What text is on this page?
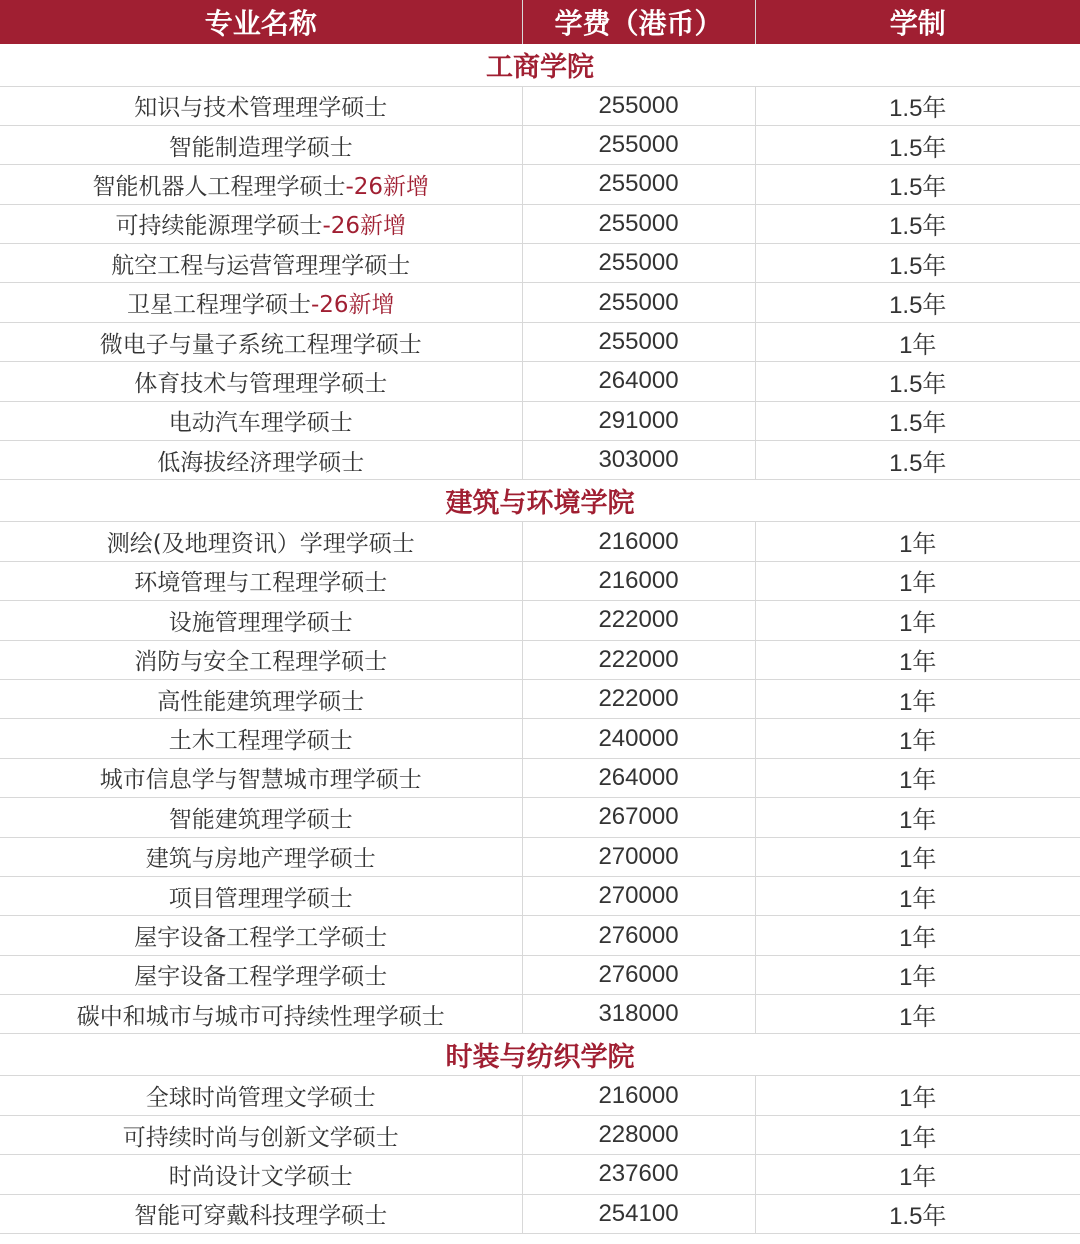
专业名称	学费（港币）	学制
工商学院		
知识与技术管理理学硕士	255000	1.5年
智能制造理学硕士	255000	1.5年
智能机器人工程理学硕士-26新增	255000	1.5年
可持续能源理学硕士-26新增	255000	1.5年
航空工程与运营管理理学硕士	255000	1.5年
卫星工程理学硕士-26新增	255000	1.5年
微电子与量子系统工程理学硕士	255000	1年
体育技术与管理理学硕士	264000	1.5年
电动汽车理学硕士	291000	1.5年
低海拔经济理学硕士	303000	1.5年
建筑与环境学院		
测绘(及地理资讯）学理学硕士	216000	1年
环境管理与工程理学硕士	216000	1年
设施管理理学硕士	222000	1年
消防与安全工程理学硕士	222000	1年
高性能建筑理学硕士	222000	1年
土木工程理学硕士	240000	1年
城市信息学与智慧城市理学硕士	264000	1年
智能建筑理学硕士	267000	1年
建筑与房地产理学硕士	270000	1年
项目管理理学硕士	270000	1年
屋宇设备工程学工学硕士	276000	1年
屋宇设备工程学理学硕士	276000	1年
碳中和城市与城市可持续性理学硕士	318000	1年
时装与纺织学院		
全球时尚管理文学硕士	216000	1年
可持续时尚与创新文学硕士	228000	1年
时尚设计文学硕士	237600	1年
智能可穿戴科技理学硕士	254100	1.5年
